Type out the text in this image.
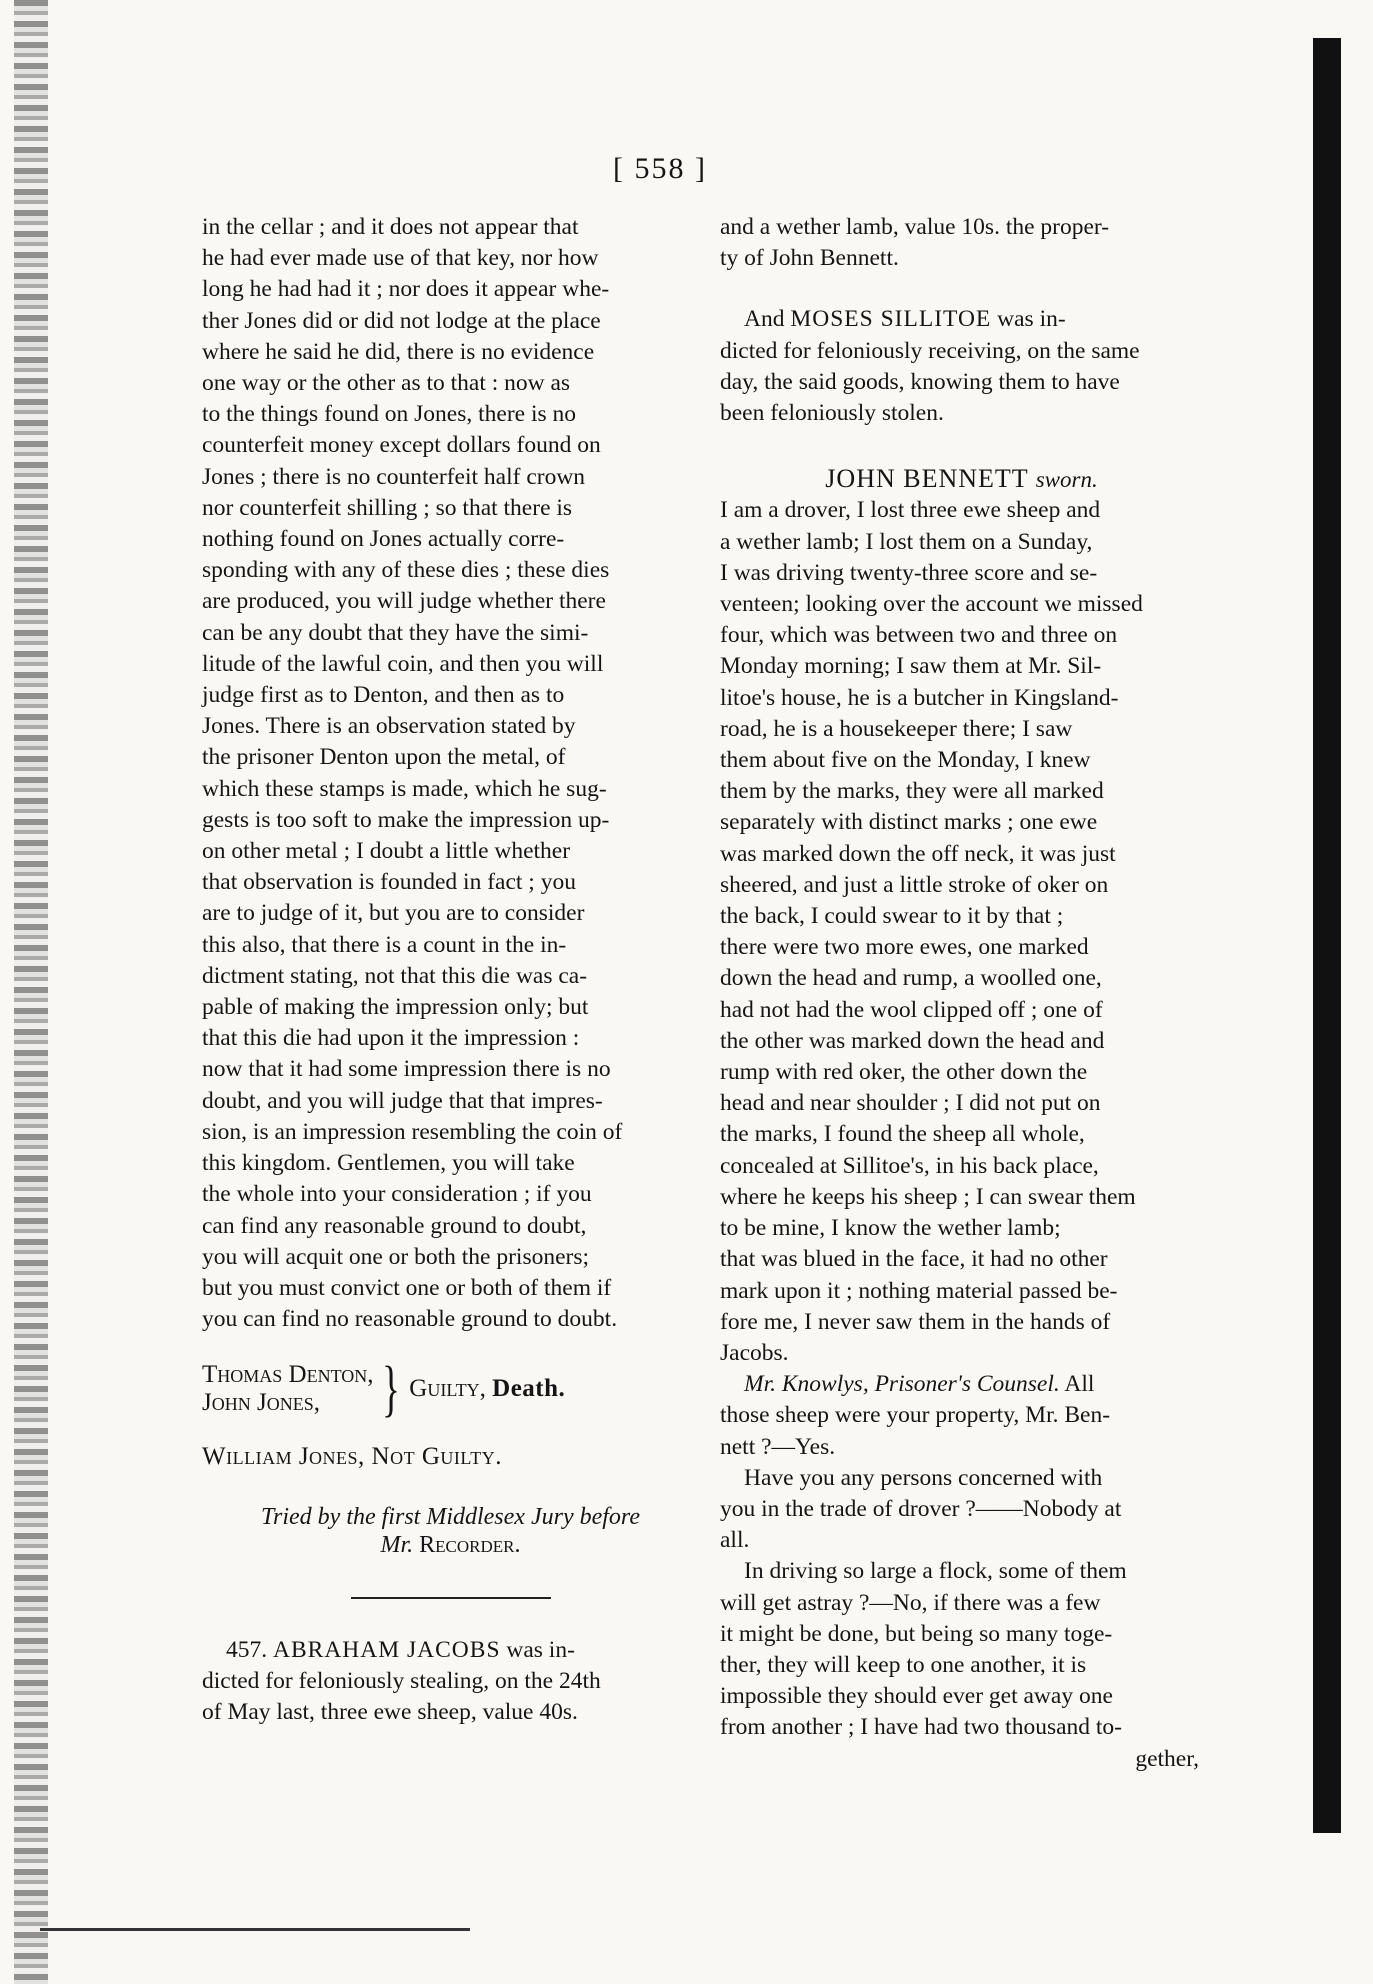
[ 558 ]

in the cellar ; and it does not appear that

he had ever made use of that key, nor how

long he had had it ; nor does it appear whe-

ther Jones did or did not lodge at the place

where he said he did, there is no evidence

one way or the other as to that : now as

to the things found on Jones, there is no

counterfeit money except dollars found on

Jones ; there is no counterfeit half crown

nor counterfeit shilling ; so that there is

nothing found on Jones actually corre-

sponding with any of these dies ; these dies

are produced, you will judge whether there

can be any doubt that they have the simi-

litude of the lawful coin, and then you will

judge first as to Denton, and then as to

Jones. There is an observation stated by

the prisoner Denton upon the metal, of

which these stamps is made, which he sug-

gests is too soft to make the impression up-

on other metal ; I doubt a little whether

that observation is founded in fact ; you

are to judge of it, but you are to consider

this also, that there is a count in the in-

dictment stating, not that this die was ca-

pable of making the impression only; but

that this die had upon it the impression :

now that it had some impression there is no

doubt, and you will judge that that impres-

sion, is an impression resembling the coin of

this kingdom. Gentlemen, you will take

the whole into your consideration ; if you

can find any reasonable ground to doubt,

you will acquit one or both the prisoners;

but you must convict one or both of them if

you can find no reasonable ground to doubt.

Thomas Denton,
John Jones, } Guilty, Death.
William Jones, Not Guilty.
Tried by the first Middlesex Jury before
Mr. Recorder.

457. ABRAHAM JACOBS was in-

dicted for feloniously stealing, on the 24th

of May last, three ewe sheep, value 40s.

and a wether lamb, value 10s. the proper-

ty of John Bennett.

And MOSES SILLITOE was in-

dicted for feloniously receiving, on the same

day, the said goods, knowing them to have

been feloniously stolen.

JOHN BENNETT sworn.

I am a drover, I lost three ewe sheep and

a wether lamb; I lost them on a Sunday,

I was driving twenty-three score and se-

venteen; looking over the account we missed

four, which was between two and three on

Monday morning; I saw them at Mr. Sil-

litoe's house, he is a butcher in Kingsland-

road, he is a housekeeper there; I saw

them about five on the Monday, I knew

them by the marks, they were all marked

separately with distinct marks ; one ewe

was marked down the off neck, it was just

sheered, and just a little stroke of oker on

the back, I could swear to it by that ;

there were two more ewes, one marked

down the head and rump, a woolled one,

had not had the wool clipped off ; one of

the other was marked down the head and

rump with red oker, the other down the

head and near shoulder ; I did not put on

the marks, I found the sheep all whole,

concealed at Sillitoe's, in his back place,

where he keeps his sheep ; I can swear them

to be mine, I know the wether lamb;

that was blued in the face, it had no other

mark upon it ; nothing material passed be-

fore me, I never saw them in the hands of

Jacobs.

Mr. Knowlys, Prisoner's Counsel. All

those sheep were your property, Mr. Ben-

nett ?—Yes.

Have you any persons concerned with

you in the trade of drover ?——Nobody at

all.

In driving so large a flock, some of them

will get astray ?—No, if there was a few

it might be done, but being so many toge-

ther, they will keep to one another, it is

impossible they should ever get away one

from another ; I have had two thousand to-

gether,
